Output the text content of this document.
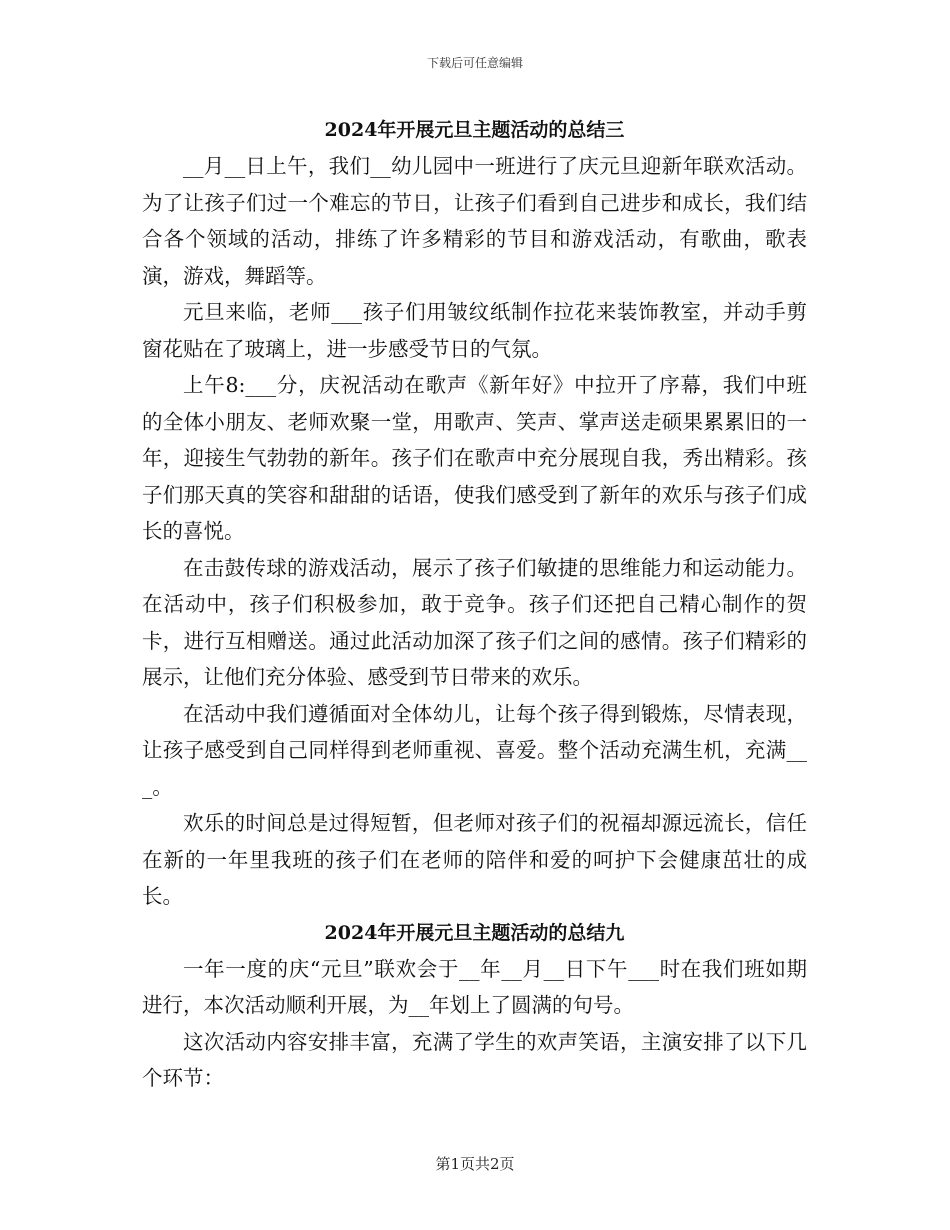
下载后可任意编辑
2024年开展元旦主题活动的总结三

__月__日上午，我们__幼儿园中一班进行了庆元旦迎新年联欢活动。为了让孩子们过一个难忘的节日，让孩子们看到自己进步和成长，我们结合各个领域的活动，排练了许多精彩的节目和游戏活动，有歌曲，歌表演，游戏，舞蹈等。

元旦来临，老师___孩子们用皱纹纸制作拉花来装饰教室，并动手剪窗花贴在了玻璃上，进一步感受节日的气氛。

上午8:___分，庆祝活动在歌声《新年好》中拉开了序幕，我们中班的全体小朋友、老师欢聚一堂，用歌声、笑声、掌声送走硕果累累旧的一年，迎接生气勃勃的新年。孩子们在歌声中充分展现自我，秀出精彩。孩子们那天真的笑容和甜甜的话语，使我们感受到了新年的欢乐与孩子们成长的喜悦。

在击鼓传球的游戏活动，展示了孩子们敏捷的思维能力和运动能力。在活动中，孩子们积极参加，敢于竞争。孩子们还把自己精心制作的贺卡，进行互相赠送。通过此活动加深了孩子们之间的感情。孩子们精彩的展示，让他们充分体验、感受到节日带来的欢乐。

在活动中我们遵循面对全体幼儿，让每个孩子得到锻炼，尽情表现，让孩子感受到自己同样得到老师重视、喜爱。整个活动充满生机，充满___。

欢乐的时间总是过得短暂，但老师对孩子们的祝福却源远流长，信任在新的一年里我班的孩子们在老师的陪伴和爱的呵护下会健康茁壮的成长。

2024年开展元旦主题活动的总结九

一年一度的庆“元旦”联欢会于__年__月__日下午___时在我们班如期进行，本次活动顺利开展，为__年划上了圆满的句号。

这次活动内容安排丰富，充满了学生的欢声笑语，主演安排了以下几个环节：

第1页共2页
